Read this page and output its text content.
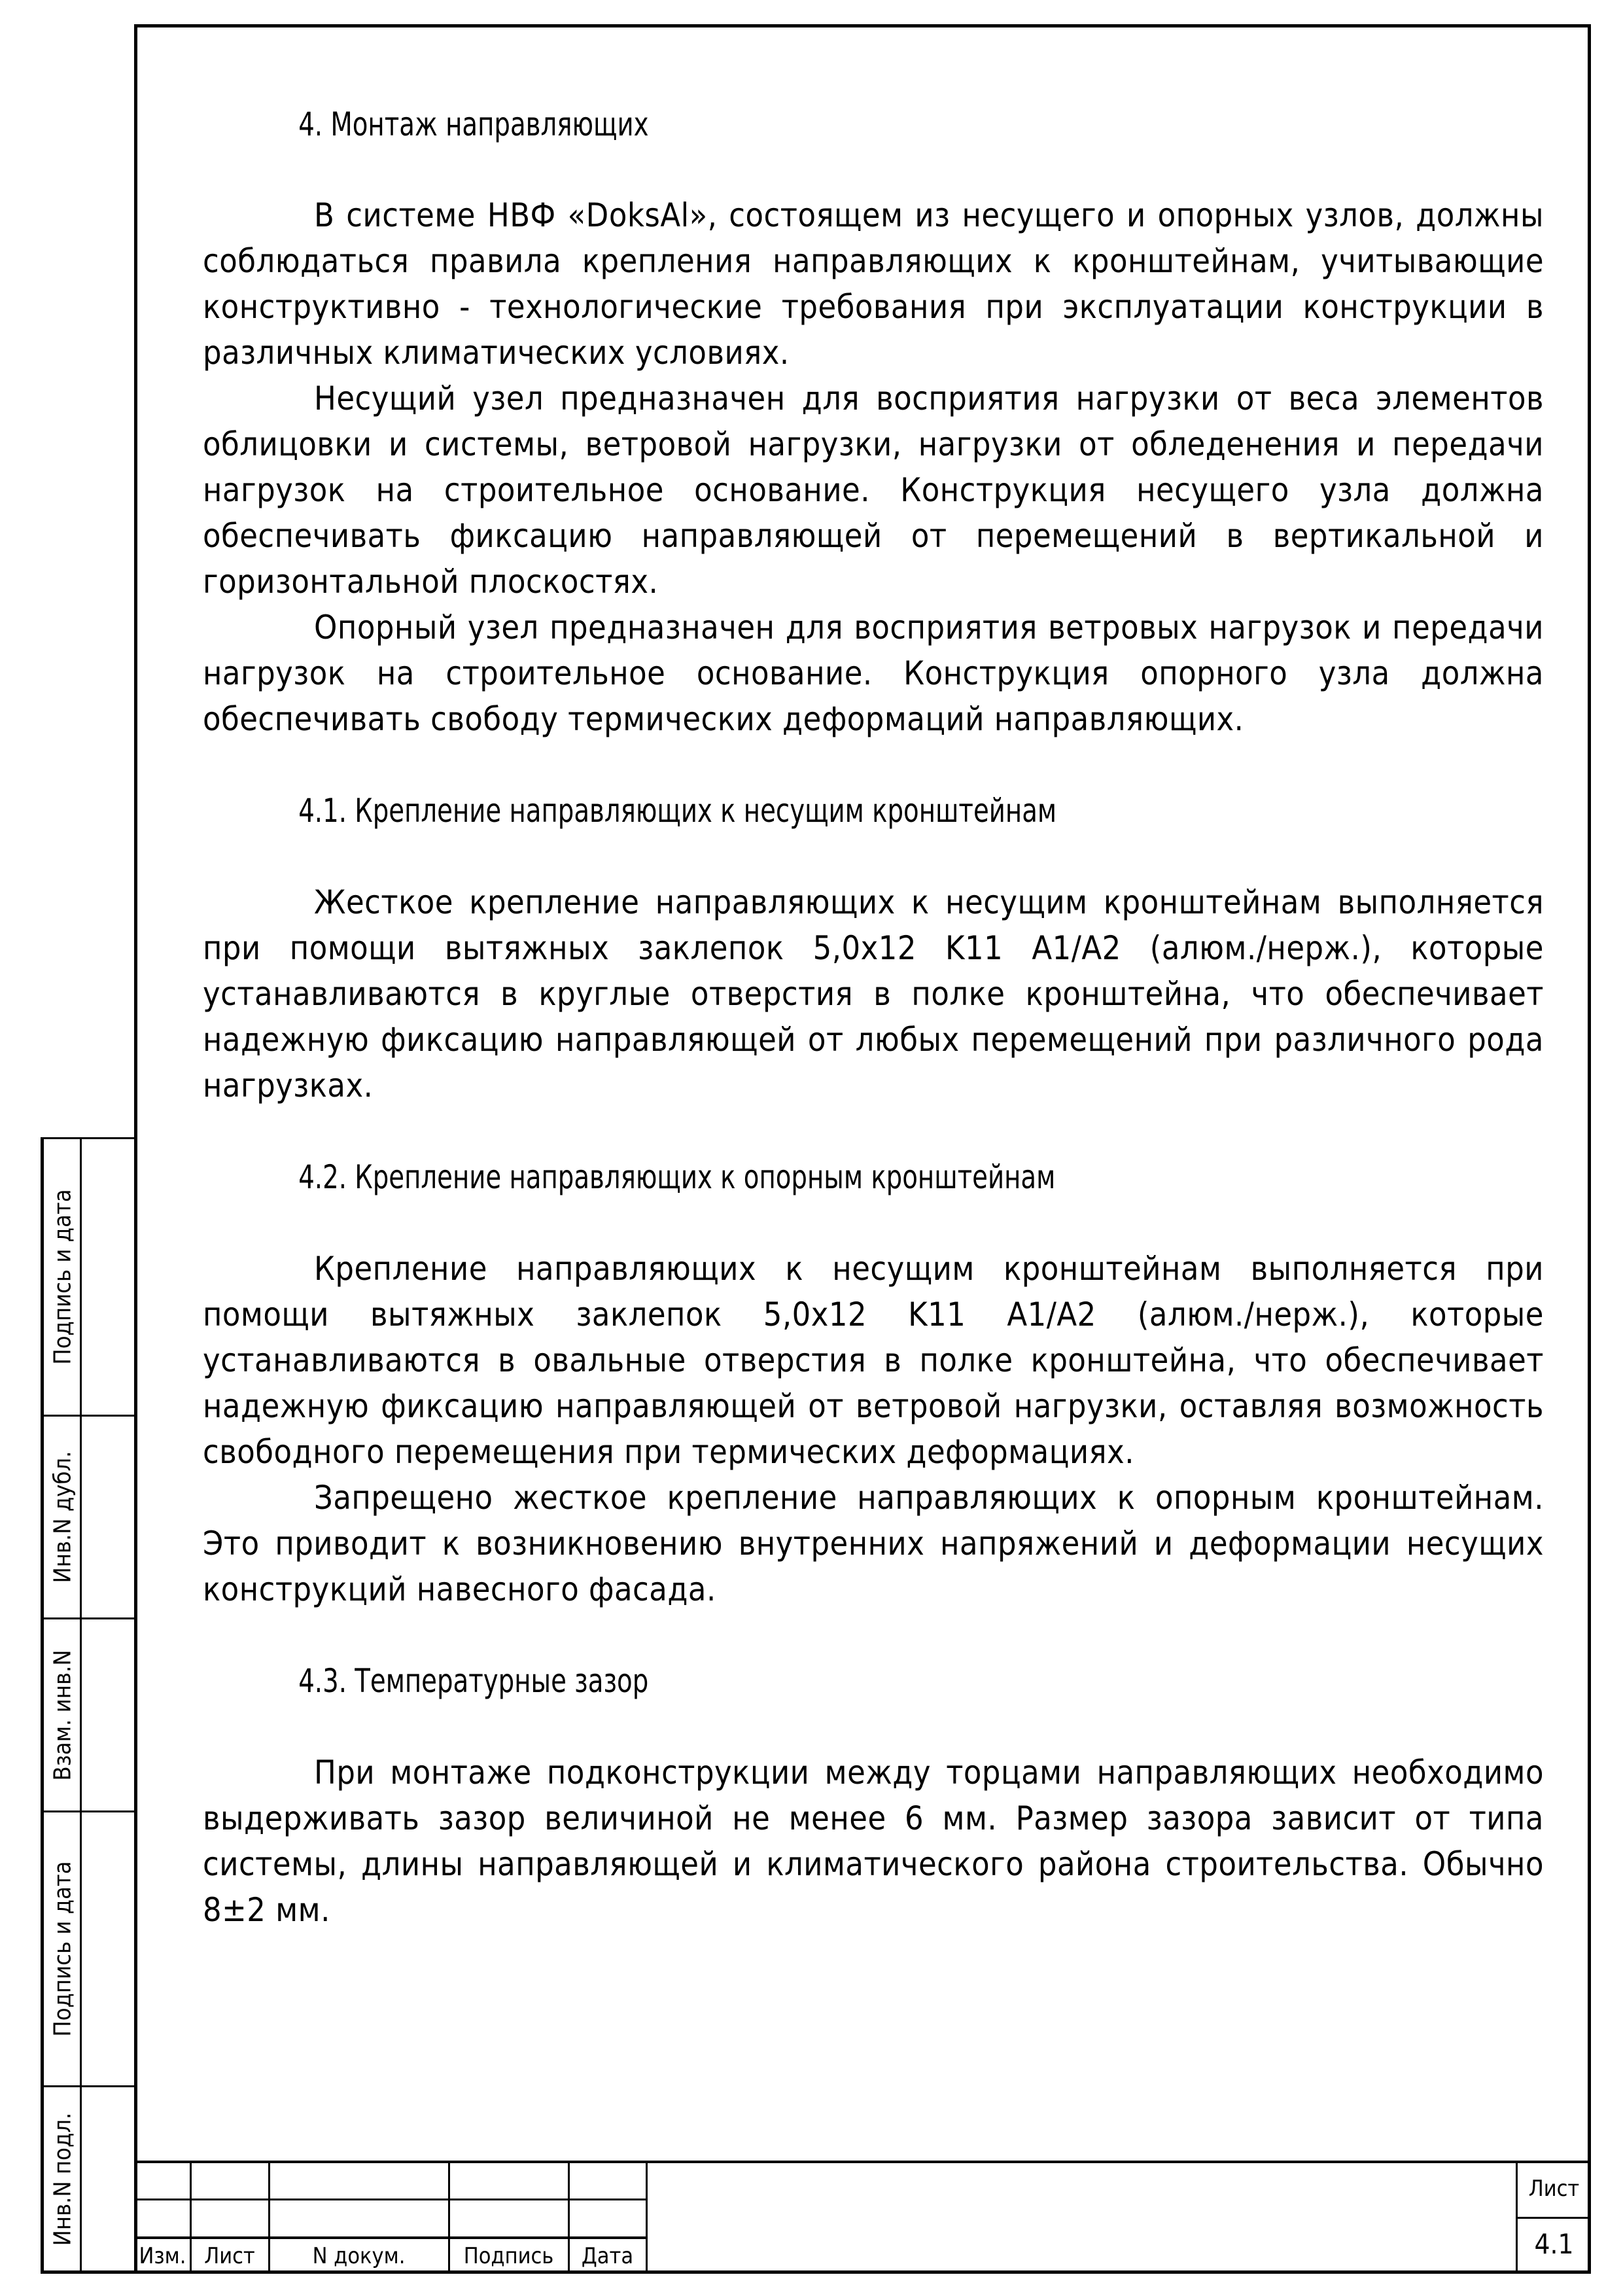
4. Монтаж направляющих

В системе НВФ «DoksAl», состоящем из несущего и опорных узлов, должны соблюдаться правила крепления направляющих к кронштейнам, учитывающие конструктивно - технологические требования при эксплуатации конструкции в различных климатических условиях.

Несущий узел предназначен для восприятия нагрузки от веса элементов облицовки и системы, ветровой нагрузки, нагрузки от обледенения и передачи нагрузок на строительное основание. Конструкция несущего узла должна обеспечивать фиксацию направляющей от перемещений в вертикальной и горизонтальной плоскостях.

Опорный узел предназначен для восприятия ветровых нагрузок и передачи нагрузок на строительное основание. Конструкция опорного узла должна обеспечивать свободу термических деформаций направляющих.

4.1. Крепление направляющих к несущим кронштейнам

Жесткое крепление направляющих к несущим кронштейнам выполняется при помощи вытяжных заклепок 5,0x12 K11 A1/A2 (алюм./нерж.), которые устанавливаются в круглые отверстия в полке кронштейна, что обеспечивает надежную фиксацию направляющей от любых перемещений при различного рода нагрузках.

4.2. Крепление направляющих к опорным кронштейнам

Крепление направляющих к несущим кронштейнам выполняется при помощи вытяжных заклепок 5,0x12 K11 A1/A2 (алюм./нерж.), которые устанавливаются в овальные отверстия в полке кронштейна, что обеспечивает надежную фиксацию направляющей от ветровой нагрузки, оставляя возможность свободного перемещения при термических деформациях.

Запрещено жесткое крепление направляющих к опорным кронштейнам. Это приводит к возникновению внутренних напряжений и деформации несущих конструкций навесного фасада.

4.3. Температурные зазор

При монтаже подконструкции между торцами направляющих необходимо выдерживать зазор величиной не менее 6 мм. Размер зазора зависит от типа системы, длины направляющей и климатического района строительства. Обычно 8±2 мм.

Подпись и дата
Инв.N дубл.
Взам. инв.N
Подпись и дата
Инв.N подл.
Изм. Лист	N докум.	Подпись	Дата
Лист
4.1
